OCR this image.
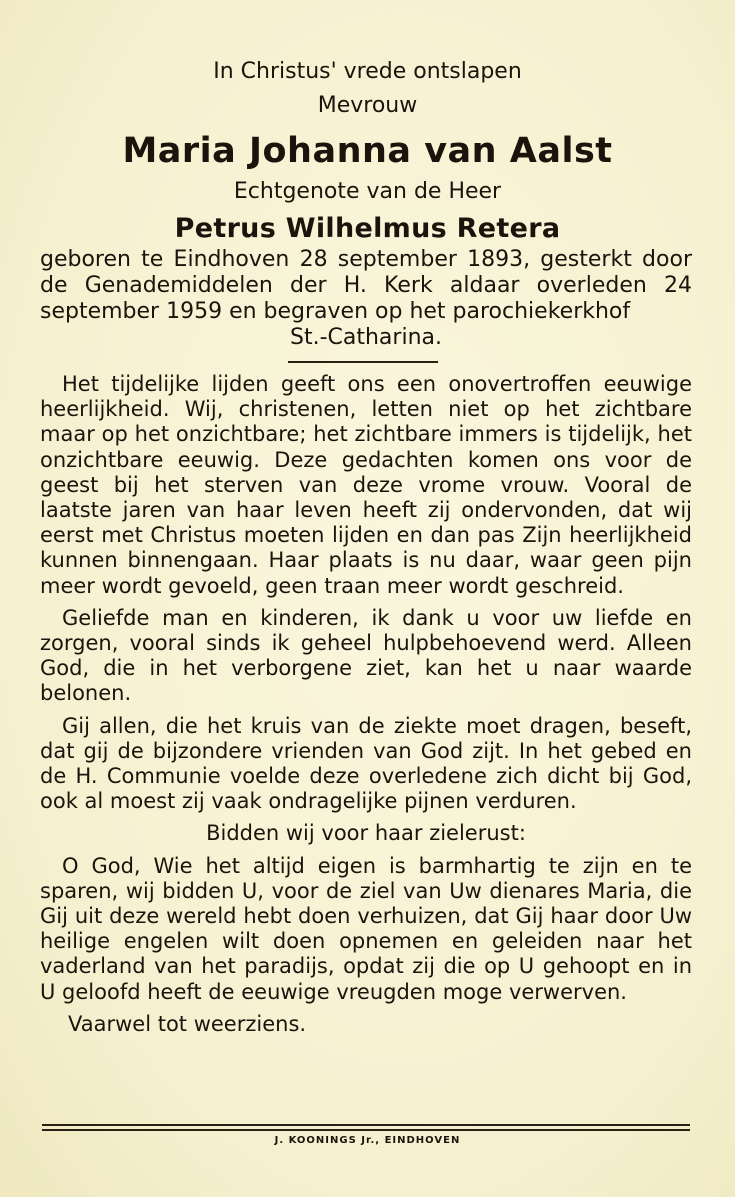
In Christus' vrede ontslapen

Mevrouw

Maria Johanna van Aalst

Echtgenote van de Heer

Petrus Wilhelmus Retera

geboren te Eindhoven 28 september 1893, gesterkt door de Genademiddelen der H. Kerk aldaar overleden 24 september 1959 en begraven op het parochiekerkhof

St.-Catharina.

Het tijdelijke lijden geeft ons een onovertroffen eeuwige heerlijkheid. Wij, christenen, letten niet op het zichtbare maar op het onzichtbare; het zichtbare immers is tijdelijk, het onzichtbare eeuwig. Deze gedachten komen ons voor de geest bij het sterven van deze vrome vrouw. Vooral de laatste jaren van haar leven heeft zij ondervonden, dat wij eerst met Christus moeten lijden en dan pas Zijn heerlijkheid kunnen binnengaan. Haar plaats is nu daar, waar geen pijn meer wordt gevoeld, geen traan meer wordt geschreid.

Geliefde man en kinderen, ik dank u voor uw liefde en zorgen, vooral sinds ik geheel hulpbehoevend werd. Alleen God, die in het verborgene ziet, kan het u naar waarde belonen.

Gij allen, die het kruis van de ziekte moet dragen, beseft, dat gij de bijzondere vrienden van God zijt. In het gebed en de H. Communie voelde deze overledene zich dicht bij God, ook al moest zij vaak ondragelijke pijnen verduren.

Bidden wij voor haar zielerust:

O God, Wie het altijd eigen is barmhartig te zijn en te sparen, wij bidden U, voor de ziel van Uw dienares Maria, die Gij uit deze wereld hebt doen verhuizen, dat Gij haar door Uw heilige engelen wilt doen opnemen en geleiden naar het vaderland van het paradijs, opdat zij die op U gehoopt en in U geloofd heeft de eeuwige vreugden moge verwerven.

Vaarwel tot weerziens.

J. KOONINGS Jr., EINDHOVEN
